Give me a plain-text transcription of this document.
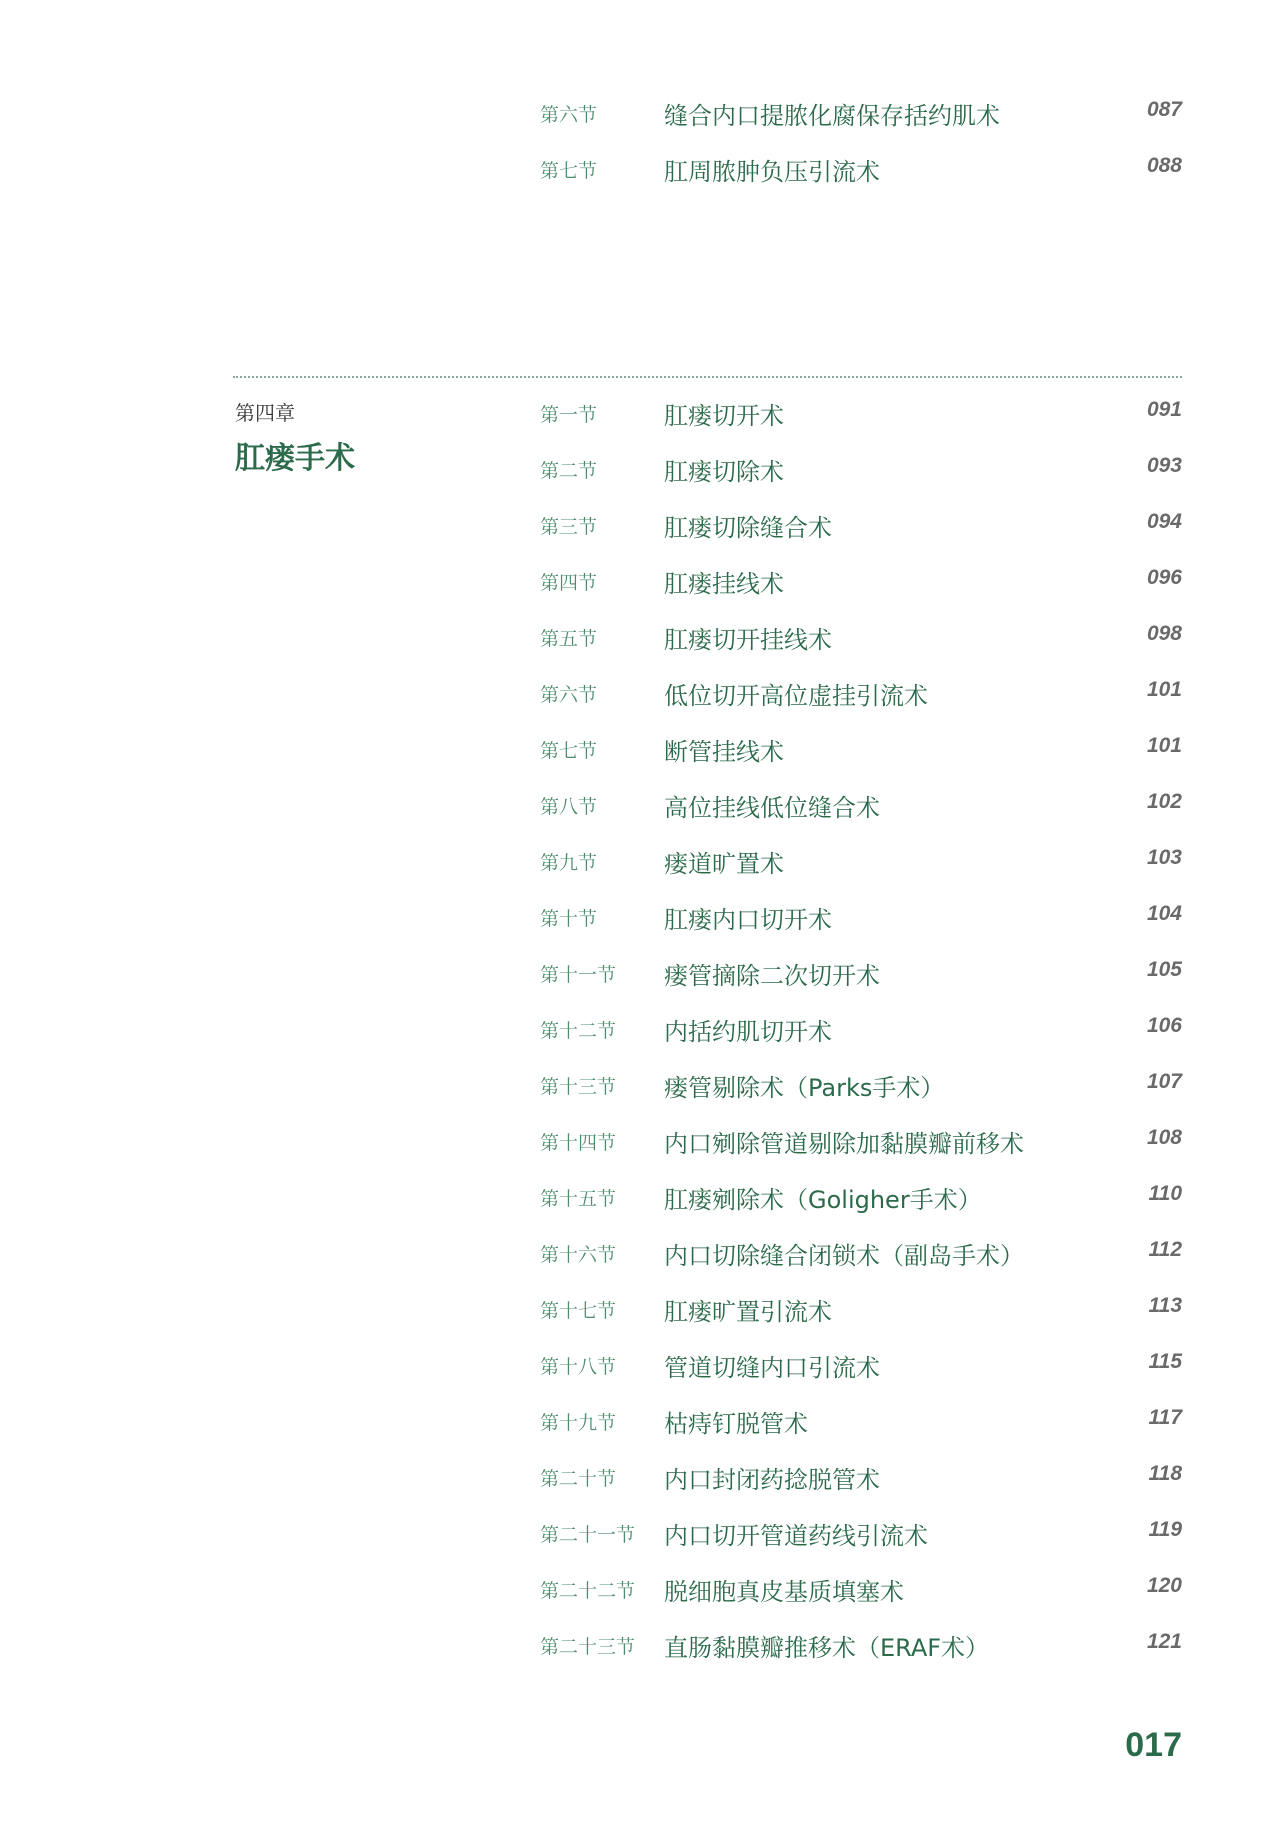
第六节	缝合内口提脓化腐保存括约肌术	087
第七节	肛周脓肿负压引流术	088
第四章
肛瘘手术
第一节	肛瘘切开术	091
第二节	肛瘘切除术	093
第三节	肛瘘切除缝合术	094
第四节	肛瘘挂线术	096
第五节	肛瘘切开挂线术	098
第六节	低位切开高位虚挂引流术	101
第七节	断管挂线术	101
第八节	高位挂线低位缝合术	102
第九节	瘘道旷置术	103
第十节	肛瘘内口切开术	104
第十一节 瘘管摘除二次切开术	105
第十二节 内括约肌切开术	106
第十三节 瘘管剔除术（Parks手术）	107
第十四节 内口剜除管道剔除加黏膜瓣前移术	108
第十五节 肛瘘剜除术（Goligher手术）	110
第十六节 内口切除缝合闭锁术（副岛手术）	112
第十七节 肛瘘旷置引流术	113
第十八节 管道切缝内口引流术	115
第十九节 枯痔钉脱管术	117
第二十节 内口封闭药捻脱管术	118
第二十一节 内口切开管道药线引流术	119
第二十二节 脱细胞真皮基质填塞术	120
第二十三节 直肠黏膜瓣推移术（ERAF术）	121
017
